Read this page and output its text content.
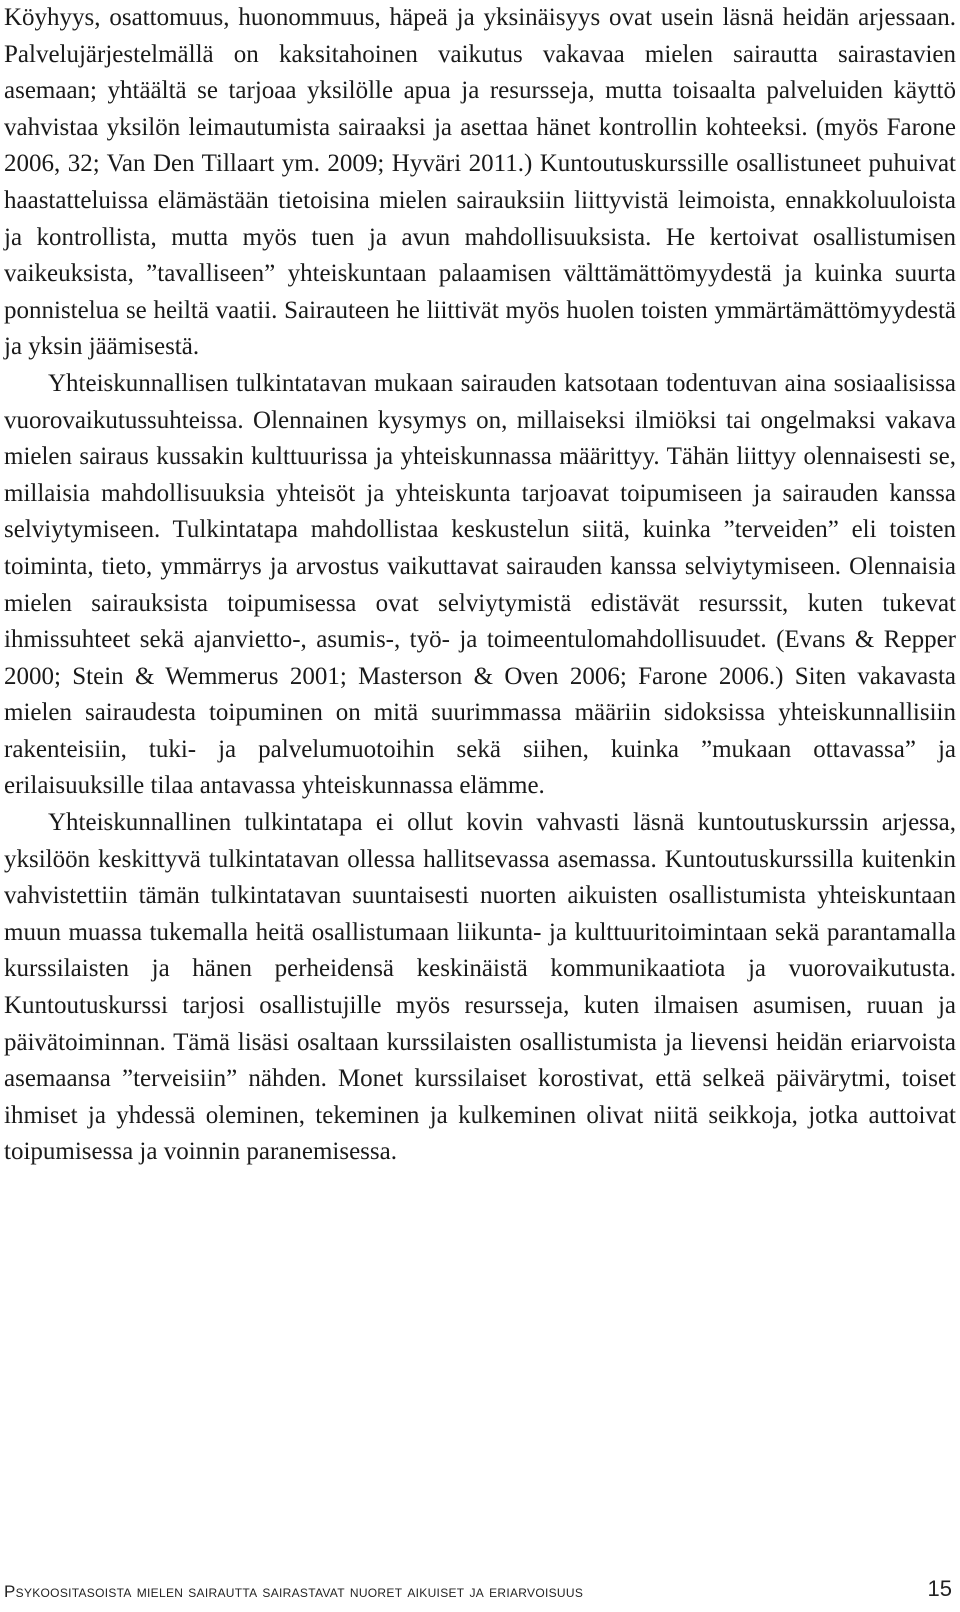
Köyhyys, osattomuus, huonommuus, häpeä ja yksinäisyys ovat usein läsnä heidän arjessaan. Palvelujärjestelmällä on kaksitahoinen vaikutus vakavaa mielen sairautta sairastavien asemaan; yhtäältä se tarjoaa yksilölle apua ja resursseja, mutta toisaalta palveluiden käyttö vahvistaa yksilön leimautumista sairaaksi ja asettaa hänet kontrollin kohteeksi. (myös Farone 2006, 32; Van Den Tillaart ym. 2009; Hyväri 2011.) Kuntoutuskurssille osallistuneet puhuivat haastatteluissa elämästään tietoisina mielen sairauksiin liittyvistä leimoista, ennakkoluuloista ja kontrollista, mutta myös tuen ja avun mahdollisuuksista. He kertoivat osallistumisen vaikeuksista, ”tavalliseen” yhteiskuntaan palaamisen välttämättömyydestä ja kuinka suurta ponnistelua se heiltä vaatii. Sairauteen he liittivät myös huolen toisten ymmärtämättömyydestä ja yksin jäämisestä.

Yhteiskunnallisen tulkintatavan mukaan sairauden katsotaan todentuvan aina sosiaalisissa vuorovaikutussuhteissa. Olennainen kysymys on, millaiseksi ilmiöksi tai ongelmaksi vakava mielen sairaus kussakin kulttuurissa ja yhteiskunnassa määrittyy. Tähän liittyy olennaisesti se, millaisia mahdollisuuksia yhteisöt ja yhteiskunta tarjoavat toipumiseen ja sairauden kanssa selviytymiseen. Tulkintatapa mahdollistaa keskustelun siitä, kuinka ”terveiden” eli toisten toiminta, tieto, ymmärrys ja arvostus vaikuttavat sairauden kanssa selviytymiseen. Olennaisia mielen sairauksista toipumisessa ovat selviytymistä edistävät resurssit, kuten tukevat ihmissuhteet sekä ajanvietto-, asumis-, työ- ja toimeentulomahdollisuudet. (Evans & Repper 2000; Stein & Wemmerus 2001; Masterson & Oven 2006; Farone 2006.) Siten vakavasta mielen sairaudesta toipuminen on mitä suurimmassa määriin sidoksissa yhteiskunnallisiin rakenteisiin, tuki- ja palvelumuotoihin sekä siihen, kuinka ”mukaan ottavassa” ja erilaisuuksille tilaa antavassa yhteiskunnassa elämme.

Yhteiskunnallinen tulkintatapa ei ollut kovin vahvasti läsnä kuntoutuskurssin arjessa, yksilöön keskittyvä tulkintatavan ollessa hallitsevassa asemassa. Kuntoutuskurssilla kuitenkin vahvistettiin tämän tulkintatavan suuntaisesti nuorten aikuisten osallistumista yhteiskuntaan muun muassa tukemalla heitä osallistumaan liikunta- ja kulttuuritoimintaan sekä parantamalla kurssilaisten ja hänen perheidensä keskinäistä kommunikaatiota ja vuorovaikutusta. Kuntoutuskurssi tarjosi osallistujille myös resursseja, kuten ilmaisen asumisen, ruuan ja päivätoiminnan. Tämä lisäsi osaltaan kurssilaisten osallistumista ja lievensi heidän eriarvoista asemaansa ”terveisiin” nähden. Monet kurssilaiset korostivat, että selkeä päivärytmi, toiset ihmiset ja yhdessä oleminen, tekeminen ja kulkeminen olivat niitä seikkoja, jotka auttoivat toipumisessa ja voinnin paranemisessa.

Psykoositasoista mielen sairautta sairastavat nuoret aikuiset ja eriarvoisuus	15
